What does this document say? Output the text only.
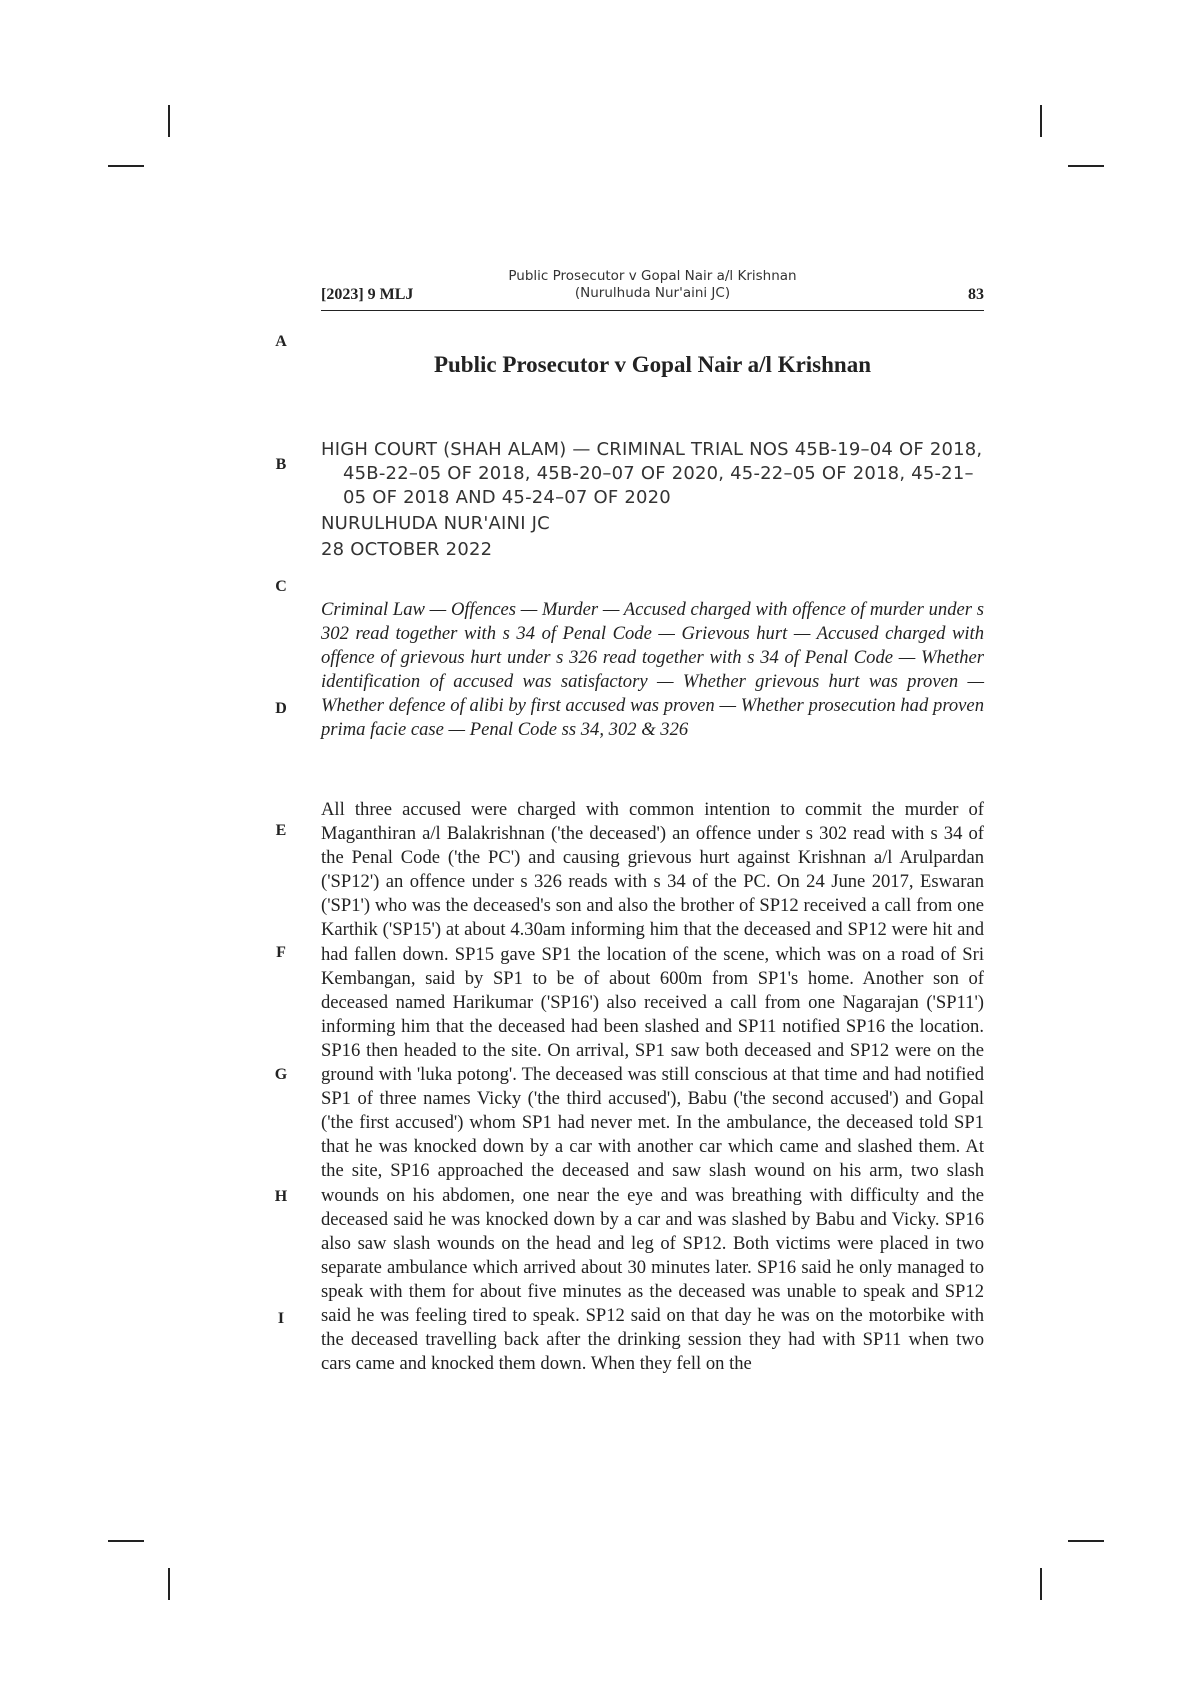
[2023] 9 MLJ
Public Prosecutor v Gopal Nair a/l Krishnan
(Nurulhuda Nur'aini JC)	83
A
B
C
D
E
F
G
H
I
Public Prosecutor v Gopal Nair a/l Krishnan
HIGH COURT (SHAH ALAM) — CRIMINAL TRIAL NOS 45B-19–04 OF 2018, 45B-22–05 OF 2018, 45B-20–07 OF 2020, 45-22–05 OF 2018, 45-21–05 OF 2018 AND 45-24–07 OF 2020
NURULHUDA NUR'AINI JC
28 OCTOBER 2022
Criminal Law — Offences — Murder — Accused charged with offence of murder under s 302 read together with s 34 of Penal Code — Grievous hurt — Accused charged with offence of grievous hurt under s 326 read together with s 34 of Penal Code — Whether identification of accused was satisfactory — Whether grievous hurt was proven — Whether defence of alibi by first accused was proven — Whether prosecution had proven prima facie case — Penal Code ss 34, 302 & 326
All three accused were charged with common intention to commit the murder of Maganthiran a/l Balakrishnan ('the deceased') an offence under s 302 read with s 34 of the Penal Code ('the PC') and causing grievous hurt against Krishnan a/l Arulpardan ('SP12') an offence under s 326 reads with s 34 of the PC. On 24 June 2017, Eswaran ('SP1') who was the deceased's son and also the brother of SP12 received a call from one Karthik ('SP15') at about 4.30am informing him that the deceased and SP12 were hit and had fallen down. SP15 gave SP1 the location of the scene, which was on a road of Sri Kembangan, said by SP1 to be of about 600m from SP1's home. Another son of deceased named Harikumar ('SP16') also received a call from one Nagarajan ('SP11') informing him that the deceased had been slashed and SP11 notified SP16 the location. SP16 then headed to the site. On arrival, SP1 saw both deceased and SP12 were on the ground with 'luka potong'. The deceased was still conscious at that time and had notified SP1 of three names Vicky ('the third accused'), Babu ('the second accused') and Gopal ('the first accused') whom SP1 had never met. In the ambulance, the deceased told SP1 that he was knocked down by a car with another car which came and slashed them. At the site, SP16 approached the deceased and saw slash wound on his arm, two slash wounds on his abdomen, one near the eye and was breathing with difficulty and the deceased said he was knocked down by a car and was slashed by Babu and Vicky. SP16 also saw slash wounds on the head and leg of SP12. Both victims were placed in two separate ambulance which arrived about 30 minutes later. SP16 said he only managed to speak with them for about five minutes as the deceased was unable to speak and SP12 said he was feeling tired to speak. SP12 said on that day he was on the motorbike with the deceased travelling back after the drinking session they had with SP11 when two cars came and knocked them down. When they fell on the
